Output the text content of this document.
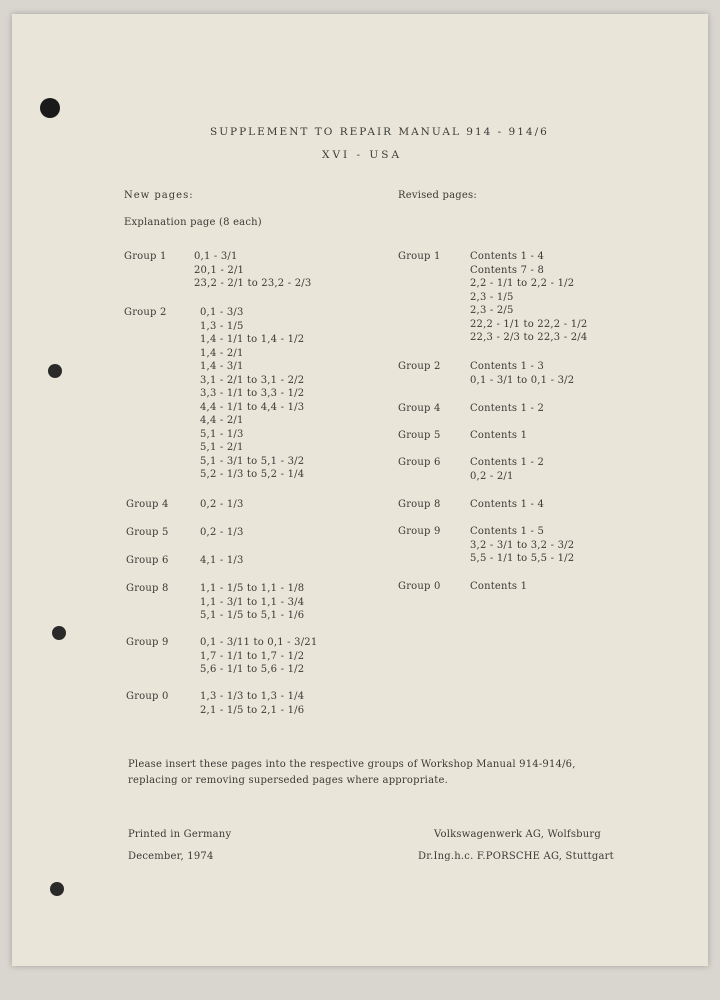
SUPPLEMENT TO REPAIR MANUAL 914 - 914/6
XVI - USA
New pages:	Revised pages:
Explanation page (8 each)
Group 1	0,1 - 3/1
20,1 - 2/1
23,2 - 2/1 to 23,2 - 2/3
Group 2	0,1 - 3/3
1,3 - 1/5
1,4 - 1/1 to 1,4 - 1/2
1,4 - 2/1
1,4 - 3/1
3,1 - 2/1 to 3,1 - 2/2
3,3 - 1/1 to 3,3 - 1/2
4,4 - 1/1 to 4,4 - 1/3
4,4 - 2/1
5,1 - 1/3
5,1 - 2/1
5,1 - 3/1 to 5,1 - 3/2
5,2 - 1/3 to 5,2 - 1/4
Group 4	0,2 - 1/3
Group 5	0,2 - 1/3
Group 6	4,1 - 1/3
Group 8	1,1 - 1/5 to 1,1 - 1/8
1,1 - 3/1 to 1,1 - 3/4
5,1 - 1/5 to 5,1 - 1/6
Group 9	0,1 - 3/11 to 0,1 - 3/21
1,7 - 1/1 to 1,7 - 1/2
5,6 - 1/1 to 5,6 - 1/2
Group 0	1,3 - 1/3 to 1,3 - 1/4
2,1 - 1/5 to 2,1 - 1/6
Group 1	Contents 1 - 4
Contents 7 - 8
2,2 - 1/1 to 2,2 - 1/2
2,3 - 1/5
2,3 - 2/5
22,2 - 1/1 to 22,2 - 1/2
22,3 - 2/3 to 22,3 - 2/4
Group 2	Contents 1 - 3
0,1 - 3/1 to 0,1 - 3/2
Group 4	Contents 1 - 2
Group 5	Contents 1
Group 6	Contents 1 - 2
0,2 - 2/1
Group 8	Contents 1 - 4
Group 9	Contents 1 - 5
3,2 - 3/1 to 3,2 - 3/2
5,5 - 1/1 to 5,5 - 1/2
Group 0	Contents 1
Please insert these pages into the respective groups of Workshop Manual 914-914/6,
replacing or removing superseded pages where appropriate.
Printed in Germany
December, 1974
Volkswagenwerk AG, Wolfsburg
Dr.Ing.h.c. F.PORSCHE AG, Stuttgart
